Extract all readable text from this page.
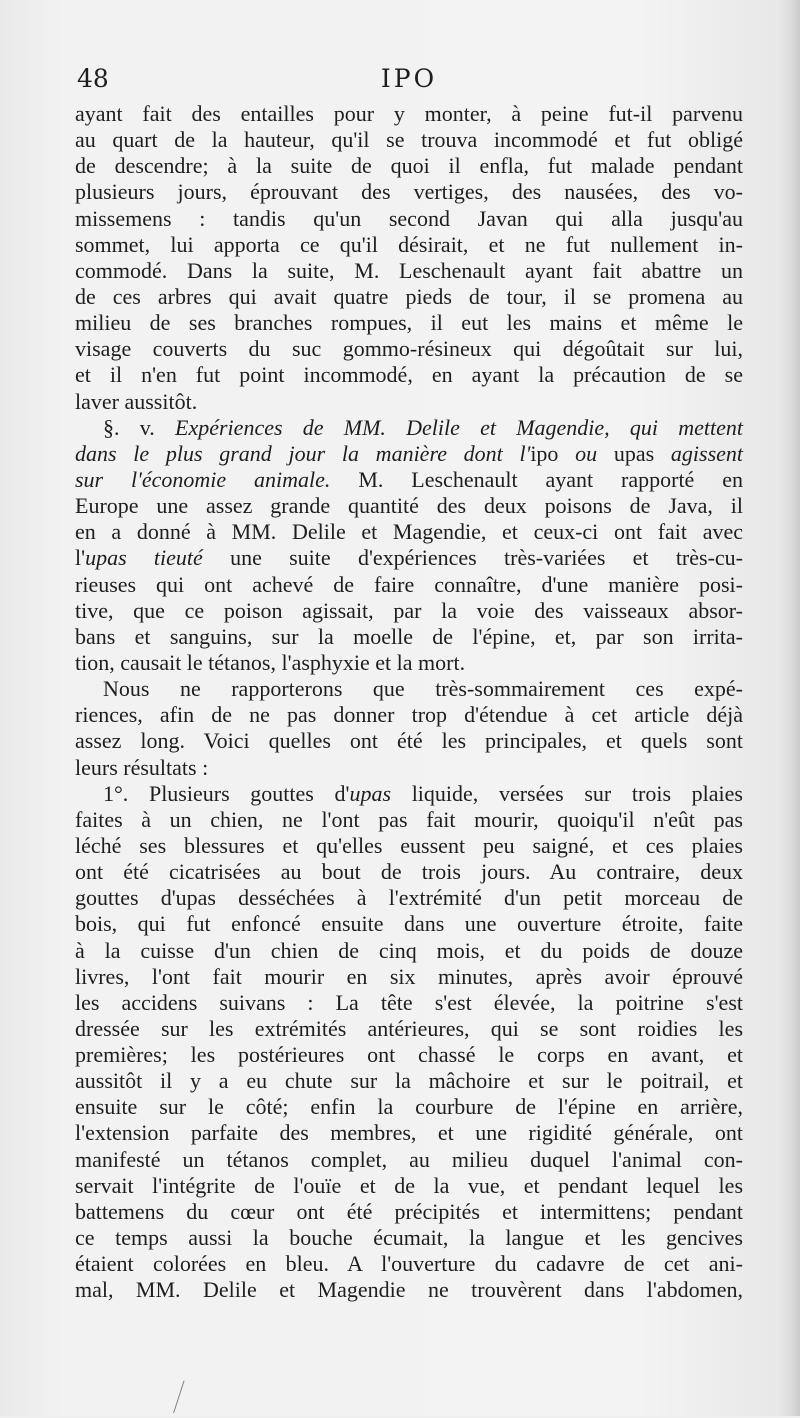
48	IPO
ayant fait des entailles pour y monter, à peine fut-il parvenu
au quart de la hauteur, qu'il se trouva incommodé et fut obligé
de descendre; à la suite de quoi il enfla, fut malade pendant
plusieurs jours, éprouvant des vertiges, des nausées, des vo-
missemens : tandis qu'un second Javan qui alla jusqu'au
sommet, lui apporta ce qu'il désirait, et ne fut nullement in-
commodé. Dans la suite, M. Leschenault ayant fait abattre un
de ces arbres qui avait quatre pieds de tour, il se promena au
milieu de ses branches rompues, il eut les mains et même le
visage couverts du suc gommo-résineux qui dégoûtait sur lui,
et il n'en fut point incommodé, en ayant la précaution de se
laver aussitôt.
§. v. Expériences de MM. Delile et Magendie, qui mettent
dans le plus grand jour la manière dont l'ipo ou upas agissent
sur l'économie animale. M. Leschenault ayant rapporté en
Europe une assez grande quantité des deux poisons de Java, il
en a donné à MM. Delile et Magendie, et ceux-ci ont fait avec
l'upas tieuté une suite d'expériences très-variées et très-cu-
rieuses qui ont achevé de faire connaître, d'une manière posi-
tive, que ce poison agissait, par la voie des vaisseaux absor-
bans et sanguins, sur la moelle de l'épine, et, par son irrita-
tion, causait le tétanos, l'asphyxie et la mort.
Nous ne rapporterons que très-sommairement ces expé-
riences, afin de ne pas donner trop d'étendue à cet article déjà
assez long. Voici quelles ont été les principales, et quels sont
leurs résultats :
1°. Plusieurs gouttes d'upas liquide, versées sur trois plaies
faites à un chien, ne l'ont pas fait mourir, quoiqu'il n'eût pas
léché ses blessures et qu'elles eussent peu saigné, et ces plaies
ont été cicatrisées au bout de trois jours. Au contraire, deux
gouttes d'upas desséchées à l'extrémité d'un petit morceau de
bois, qui fut enfoncé ensuite dans une ouverture étroite, faite
à la cuisse d'un chien de cinq mois, et du poids de douze
livres, l'ont fait mourir en six minutes, après avoir éprouvé
les accidens suivans : La tête s'est élevée, la poitrine s'est
dressée sur les extrémités antérieures, qui se sont roidies les
premières; les postérieures ont chassé le corps en avant, et
aussitôt il y a eu chute sur la mâchoire et sur le poitrail, et
ensuite sur le côté; enfin la courbure de l'épine en arrière,
l'extension parfaite des membres, et une rigidité générale, ont
manifesté un tétanos complet, au milieu duquel l'animal con-
servait l'intégrite de l'ouïe et de la vue, et pendant lequel les
battemens du cœur ont été précipités et intermittens; pendant
ce temps aussi la bouche écumait, la langue et les gencives
étaient colorées en bleu. A l'ouverture du cadavre de cet ani-
mal, MM. Delile et Magendie ne trouvèrent dans l'abdomen,
